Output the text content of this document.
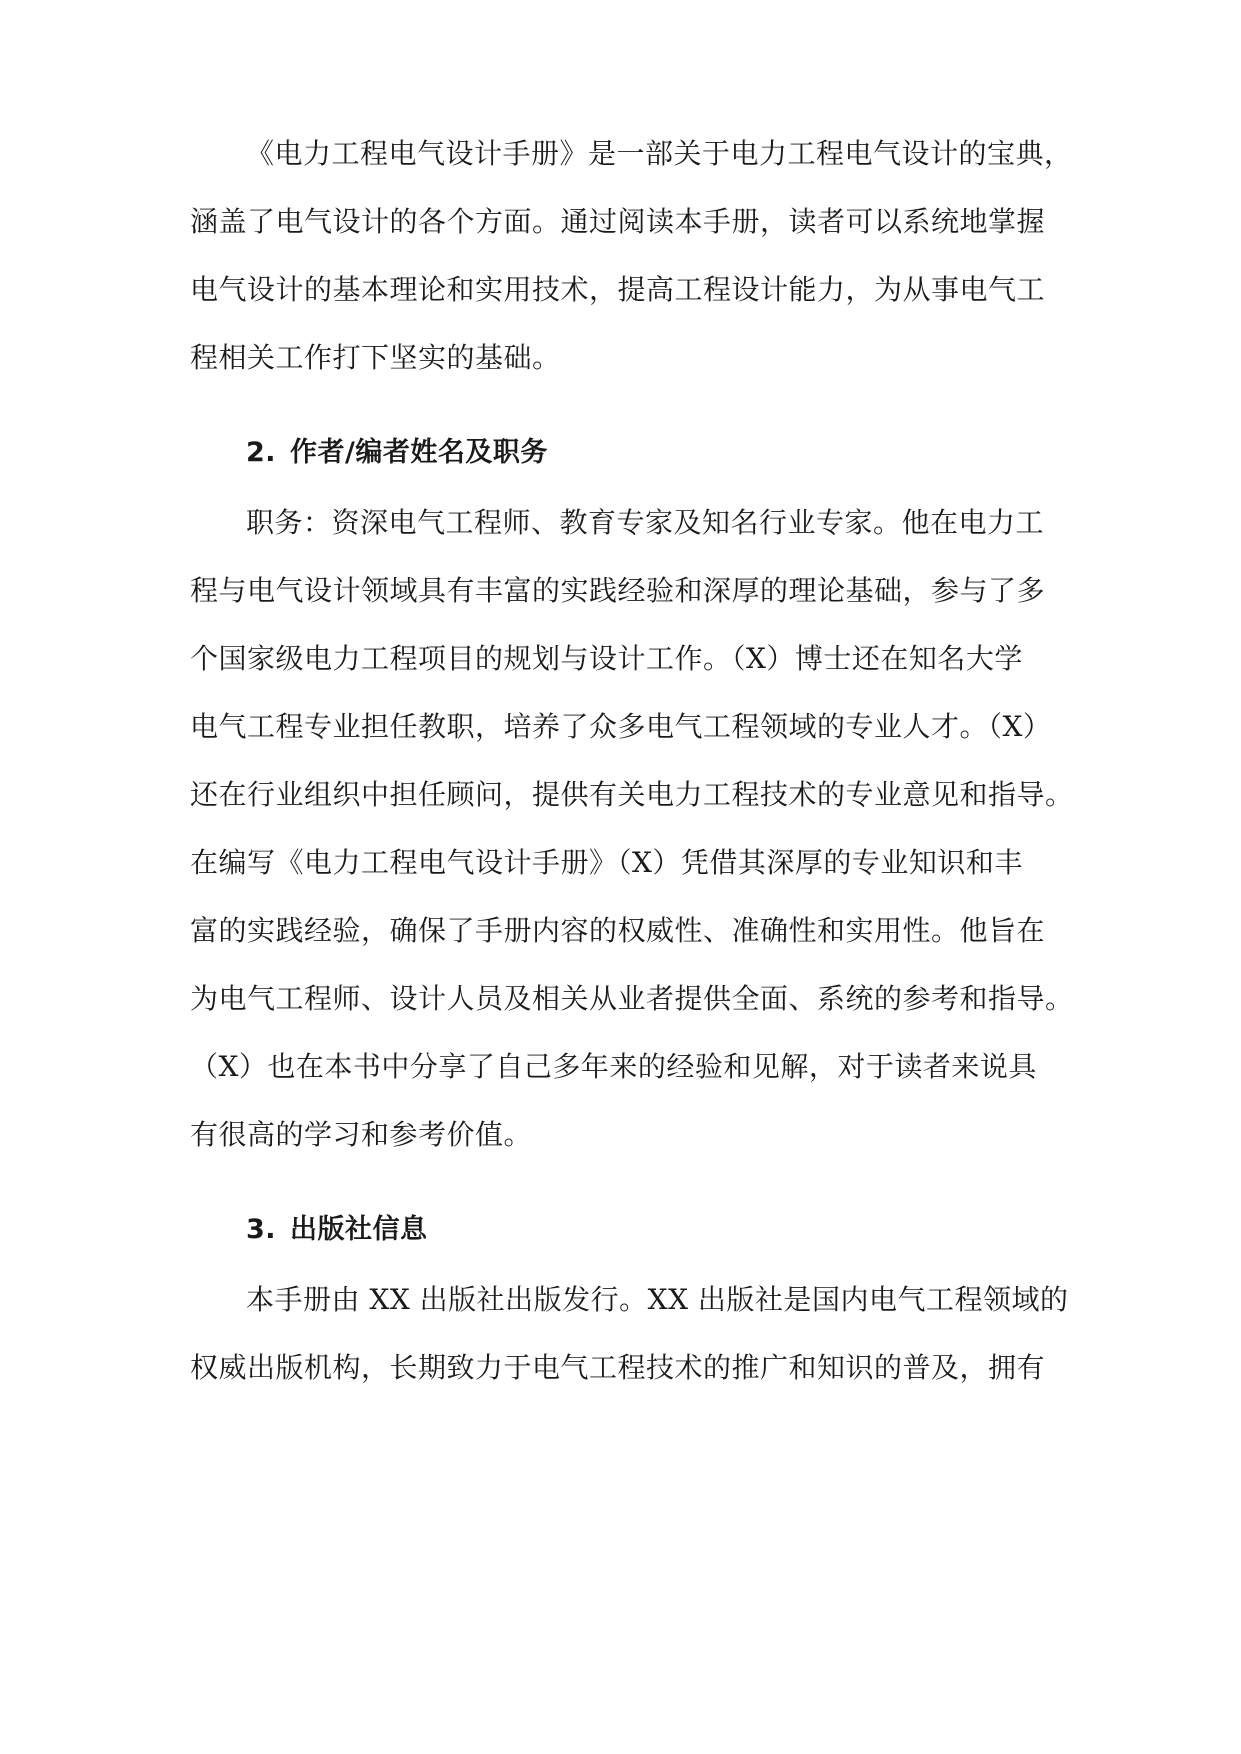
《电力工程电气设计手册》是一部关于电力工程电气设计的宝典，
涵盖了电气设计的各个方面。通过阅读本手册，读者可以系统地掌握
电气设计的基本理论和实用技术，提高工程设计能力，为从事电气工
程相关工作打下坚实的基础。
2. 作者/编者姓名及职务
职务：资深电气工程师、教育专家及知名行业专家。他在电力工
程与电气设计领域具有丰富的实践经验和深厚的理论基础，参与了多
个国家级电力工程项目的规划与设计工作。（X）博士还在知名大学
电气工程专业担任教职，培养了众多电气工程领域的专业人才。（X）
还在行业组织中担任顾问，提供有关电力工程技术的专业意见和指导。
在编写《电力工程电气设计手册》（X）凭借其深厚的专业知识和丰
富的实践经验，确保了手册内容的权威性、准确性和实用性。他旨在
为电气工程师、设计人员及相关从业者提供全面、系统的参考和指导。
（X）也在本书中分享了自己多年来的经验和见解，对于读者来说具
有很高的学习和参考价值。
3. 出版社信息
本手册由 XX 出版社出版发行。XX 出版社是国内电气工程领域的
权威出版机构，长期致力于电气工程技术的推广和知识的普及，拥有
